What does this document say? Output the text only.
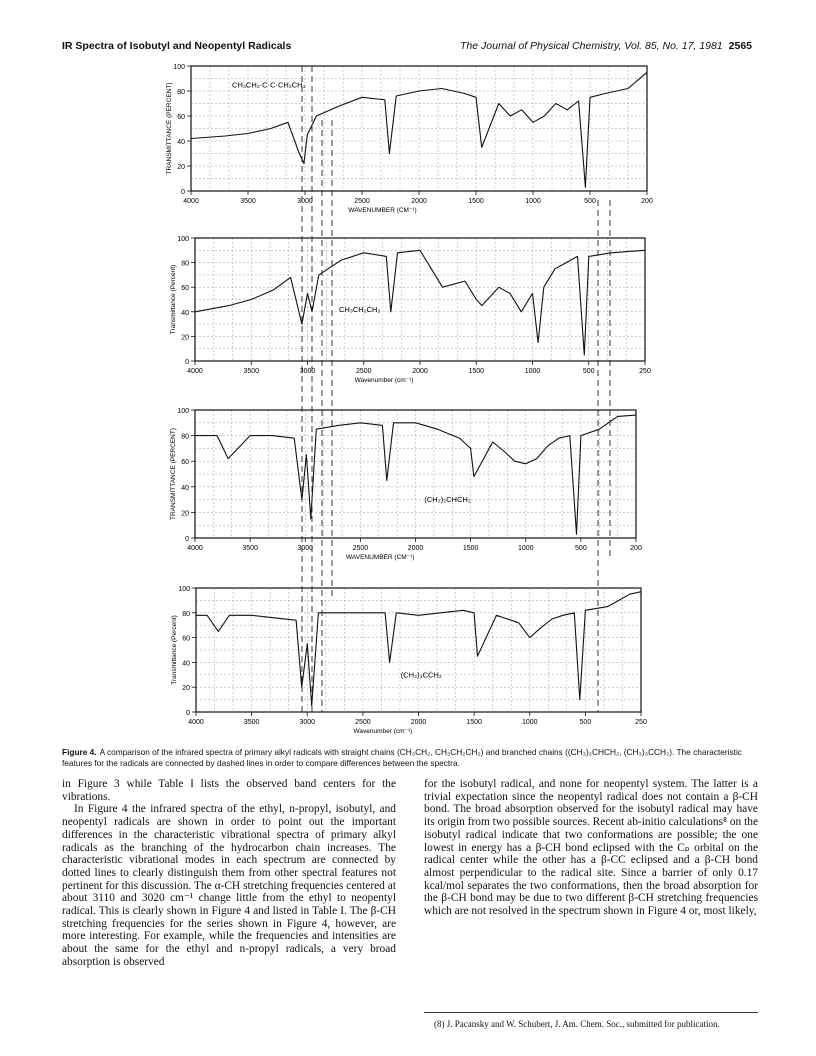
IR Spectra of Isobutyl and Neopentyl Radicals	The Journal of Physical Chemistry, Vol. 85, No. 17, 1981 2565
0
20
40
60
80
100
4000	3500	3000	2500	2000	1500	1000	500	200
WAVENUMBER (CM⁻¹)
TRANSMITTANCE (PERCENT)	CH₃CH₂·C·C·CH₂CH₃
0
20
40
60
80
100
4000	3500	3000	2500	2000	1500	1000	500	250
Wavenumber (cm⁻¹)
Transmittance (Percent)	CH₃CH₂ĊH₂
0
20
40
60
80
100
4000	3500	3000	2500	2000	1500	1000	500	200
WAVENUMBER (CM⁻¹)
TRANSMITTANCE (PERCENT)	(CH₃)₂CHĊH₂
0
20
40
60
80
100
4000	3500	3000	2500	2000	1500	1000	500	250
Wavenumber (cm⁻¹)
Transmittance (Percent)	(CH₃)₃CĊH₂
Figure 4. A comparison of the infrared spectra of primary alkyl radicals with straight chains (CH₃CH₂, CH₃CH₂CH₂) and branched chains ((CH₃)₂CHCH₂, (CH₃)₃CCH₂). The characteristic features for the radicals are connected by dashed lines in order to compare differences between the spectra.

in Figure 3 while Table I lists the observed band centers for the vibrations.

In Figure 4 the infrared spectra of the ethyl, n-propyl, isobutyl, and neopentyl radicals are shown in order to point out the important differences in the characteristic vibrational spectra of primary alkyl radicals as the branching of the hydrocarbon chain increases. The characteristic vibrational modes in each spectrum are connected by dotted lines to clearly distinguish them from other spectral features not pertinent for this discussion. The α-CH stretching frequencies centered at about 3110 and 3020 cm⁻¹ change little from the ethyl to neopentyl radical. This is clearly shown in Figure 4 and listed in Table I. The β-CH stretching frequencies for the series shown in Figure 4, however, are more interesting. For example, while the frequencies and intensities are about the same for the ethyl and n-propyl radicals, a very broad absorption is observed

for the isobutyl radical, and none for neopentyl system. The latter is a trivial expectation since the neopentyl radical does not contain a β-CH bond. The broad absorption observed for the isobutyl radical may have its origin from two possible sources. Recent ab-initio calculations⁸ on the isobutyl radical indicate that two conformations are possible; the one lowest in energy has a β-CH bond eclipsed with the Cₚ orbital on the radical center while the other has a β-CC eclipsed and a β-CH bond almost perpendicular to the radical site. Since a barrier of only 0.17 kcal/mol separates the two conformations, then the broad absorption for the β-CH bond may be due to two different β-CH stretching frequencies which are not resolved in the spectrum shown in Figure 4 or, most likely,

(8) J. Pacansky and W. Schubert, J. Am. Chem. Soc., submitted for publication.
